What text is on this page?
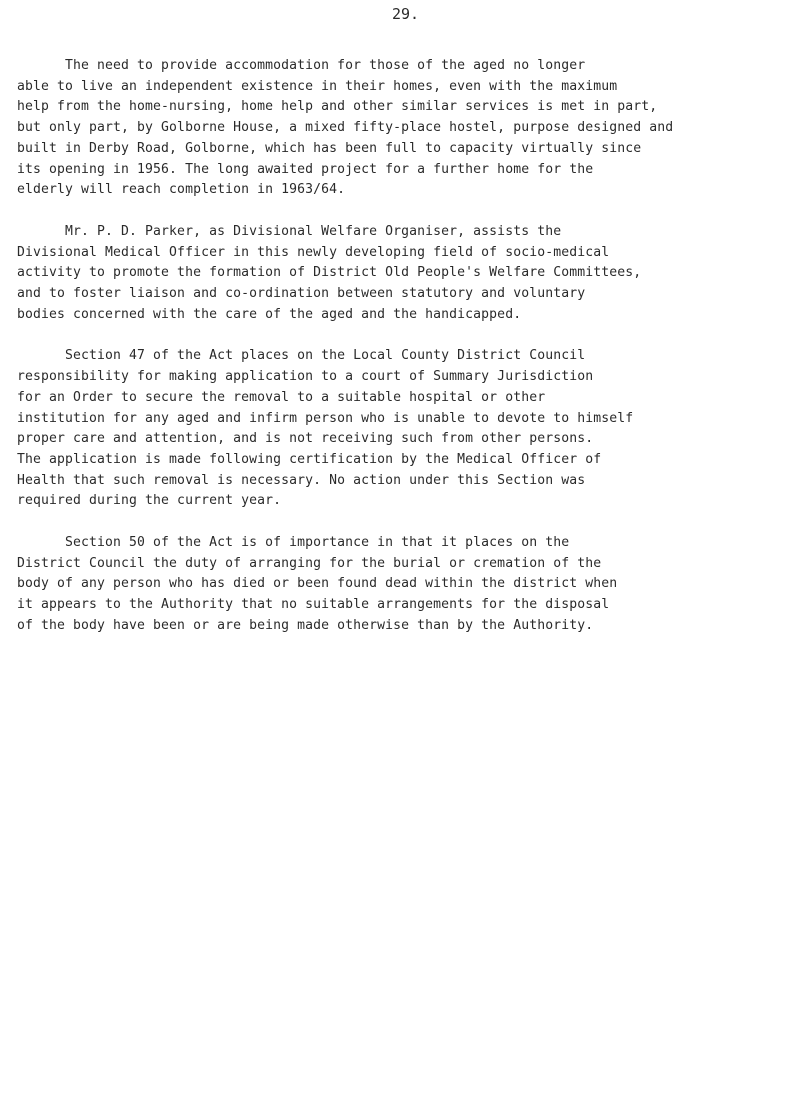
29.

The need to provide accommodation for those of the aged no longer
able to live an independent existence in their homes, even with the maximum
help from the home-nursing, home help and other similar services is met in part,
but only part, by Golborne House, a mixed fifty-place hostel, purpose designed and
built in Derby Road, Golborne, which has been full to capacity virtually since
its opening in 1956. The long awaited project for a further home for the
elderly will reach completion in 1963/64.

Mr. P. D. Parker, as Divisional Welfare Organiser, assists the
Divisional Medical Officer in this newly developing field of socio-medical
activity to promote the formation of District Old People's Welfare Committees,
and to foster liaison and co-ordination between statutory and voluntary
bodies concerned with the care of the aged and the handicapped.

Section 47 of the Act places on the Local County District Council
responsibility for making application to a court of Summary Jurisdiction
for an Order to secure the removal to a suitable hospital or other
institution for any aged and infirm person who is unable to devote to himself
proper care and attention, and is not receiving such from other persons.
The application is made following certification by the Medical Officer of
Health that such removal is necessary. No action under this Section was
required during the current year.

Section 50 of the Act is of importance in that it places on the
District Council the duty of arranging for the burial or cremation of the
body of any person who has died or been found dead within the district when
it appears to the Authority that no suitable arrangements for the disposal
of the body have been or are being made otherwise than by the Authority.
